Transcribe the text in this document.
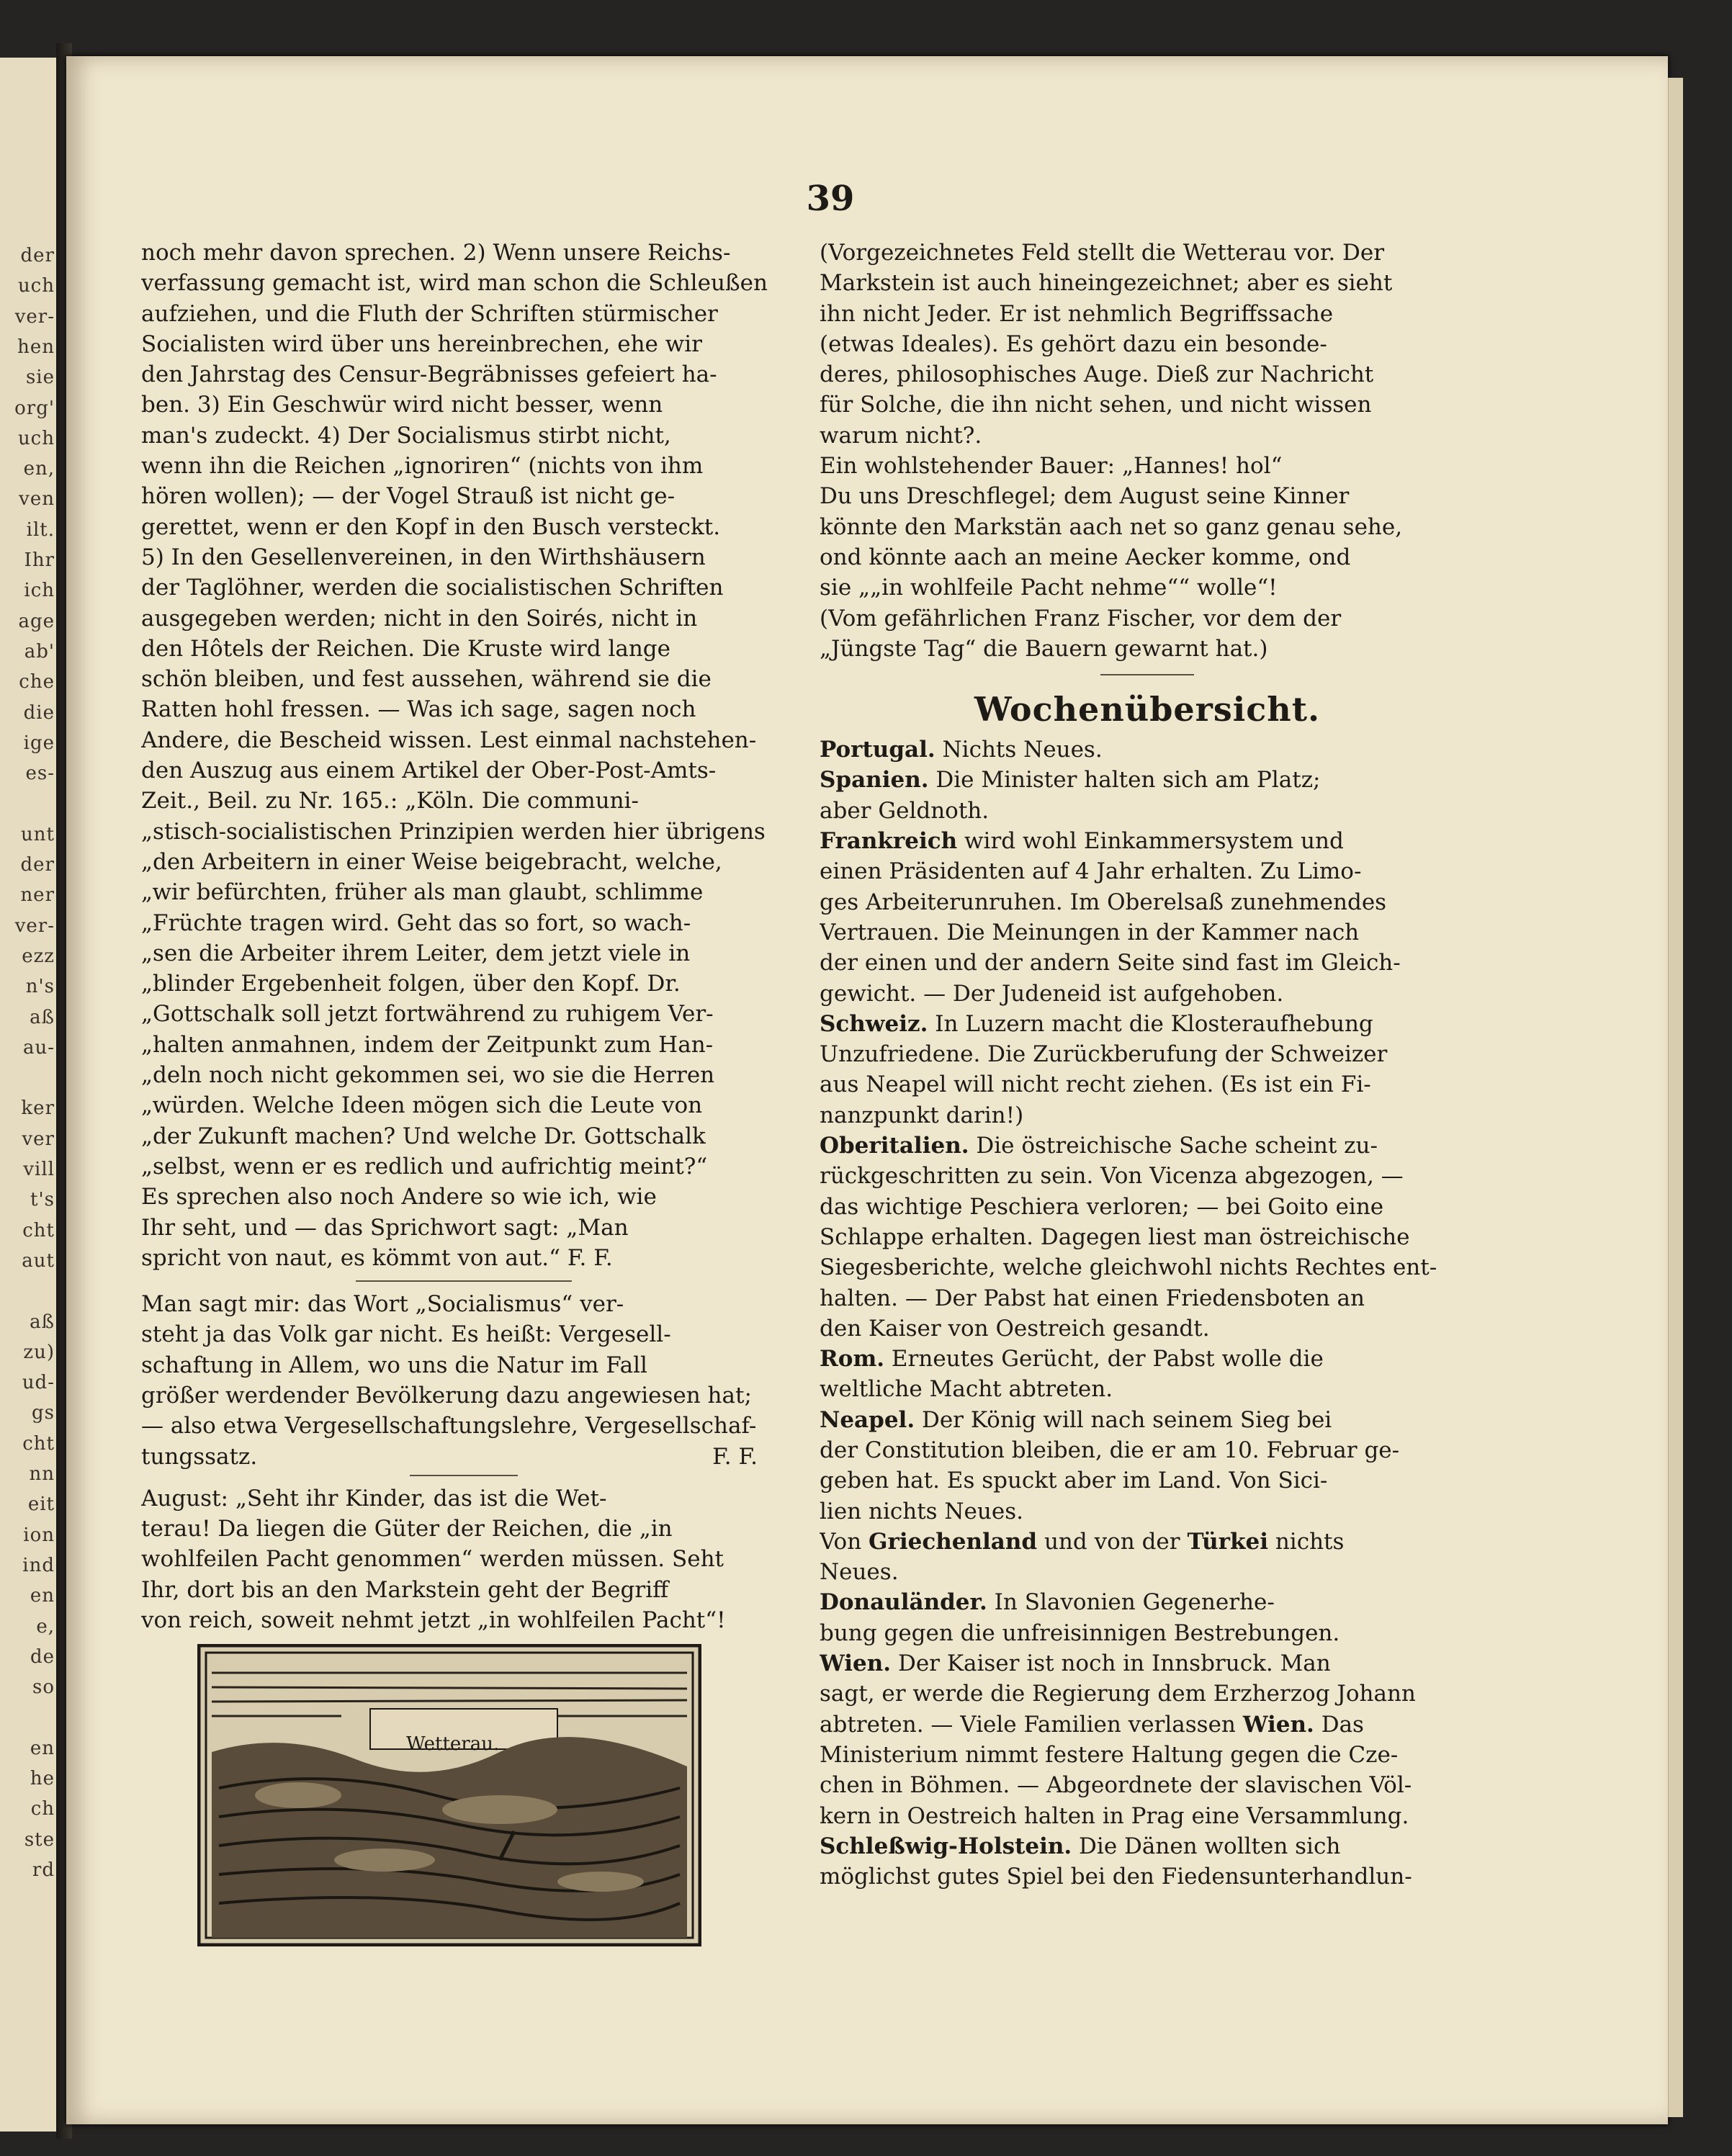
der
uch
ver-
hen
sie
org'
uch
en,
ven
ilt.
Ihr
ich
age
ab'
che
die
ige
es-
unt
der
ner
ver-
ezz
n's
aß
au-
ker
ver
vill
t's
cht
aut
aß
zu)
ud-
gs
cht
nn
eit
ion
ind
en
e,
de
so
en
he
ch
ste
rd
39
noch mehr davon sprechen. 2) Wenn unsere Reichs-
verfassung gemacht ist, wird man schon die Schleußen
aufziehen, und die Fluth der Schriften stürmischer
Socialisten wird über uns hereinbrechen, ehe wir
den Jahrstag des Censur-Begräbnisses gefeiert ha-
ben. 3) Ein Geschwür wird nicht besser, wenn
man's zudeckt. 4) Der Socialismus stirbt nicht,
wenn ihn die Reichen „ignoriren“ (nichts von ihm
hören wollen); — der Vogel Strauß ist nicht ge-
gerettet, wenn er den Kopf in den Busch versteckt.
5) In den Gesellenvereinen, in den Wirthshäusern
der Taglöhner, werden die socialistischen Schriften
ausgegeben werden; nicht in den Soirés, nicht in
den Hôtels der Reichen. Die Kruste wird lange
schön bleiben, und fest aussehen, während sie die
Ratten hohl fressen. — Was ich sage, sagen noch
Andere, die Bescheid wissen. Lest einmal nachstehen-
den Auszug aus einem Artikel der Ober-Post-Amts-
Zeit., Beil. zu Nr. 165.: „Köln. Die communi-
„stisch-socialistischen Prinzipien werden hier übrigens
„den Arbeitern in einer Weise beigebracht, welche,
„wir befürchten, früher als man glaubt, schlimme
„Früchte tragen wird. Geht das so fort, so wach-
„sen die Arbeiter ihrem Leiter, dem jetzt viele in
„blinder Ergebenheit folgen, über den Kopf. Dr.
„Gottschalk soll jetzt fortwährend zu ruhigem Ver-
„halten anmahnen, indem der Zeitpunkt zum Han-
„deln noch nicht gekommen sei, wo sie die Herren
„würden. Welche Ideen mögen sich die Leute von
„der Zukunft machen? Und welche Dr. Gottschalk
„selbst, wenn er es redlich und aufrichtig meint?“
Es sprechen also noch Andere so wie ich, wie
Ihr seht, und — das Sprichwort sagt: „Man
spricht von naut, es kömmt von aut.“ F. F.
Man sagt mir: das Wort „Socialismus“ ver-
steht ja das Volk gar nicht. Es heißt: Vergesell-
schaftung in Allem, wo uns die Natur im Fall
größer werdender Bevölkerung dazu angewiesen hat;
— also etwa Vergesellschaftungslehre, Vergesellschaf-
tungssatz.	F. F.
August: „Seht ihr Kinder, das ist die Wet-
terau! Da liegen die Güter der Reichen, die „in
wohlfeilen Pacht genommen“ werden müssen. Seht
Ihr, dort bis an den Markstein geht der Begriff
von reich, soweit nehmt jetzt „in wohlfeilen Pacht“!
Wetterau.
(Vorgezeichnetes Feld stellt die Wetterau vor. Der
Markstein ist auch hineingezeichnet; aber es sieht
ihn nicht Jeder. Er ist nehmlich Begriffssache
(etwas Ideales). Es gehört dazu ein besonde-
deres, philosophisches Auge. Dieß zur Nachricht
für Solche, die ihn nicht sehen, und nicht wissen
warum nicht?.
Ein wohlstehender Bauer: „Hannes! hol“
Du uns Dreschflegel; dem August seine Kinner
könnte den Markstän aach net so ganz genau sehe,
ond könnte aach an meine Aecker komme, ond
sie „„in wohlfeile Pacht nehme““ wolle“!
(Vom gefährlichen Franz Fischer, vor dem der
„Jüngste Tag“ die Bauern gewarnt hat.)
Wochenübersicht.
Portugal. Nichts Neues.
Spanien. Die Minister halten sich am Platz;
aber Geldnoth.
Frankreich wird wohl Einkammersystem und
einen Präsidenten auf 4 Jahr erhalten. Zu Limo-
ges Arbeiterunruhen. Im Oberelsaß zunehmendes
Vertrauen. Die Meinungen in der Kammer nach
der einen und der andern Seite sind fast im Gleich-
gewicht. — Der Judeneid ist aufgehoben.
Schweiz. In Luzern macht die Klosteraufhebung
Unzufriedene. Die Zurückberufung der Schweizer
aus Neapel will nicht recht ziehen. (Es ist ein Fi-
nanzpunkt darin!)
Oberitalien. Die östreichische Sache scheint zu-
rückgeschritten zu sein. Von Vicenza abgezogen, —
das wichtige Peschiera verloren; — bei Goito eine
Schlappe erhalten. Dagegen liest man östreichische
Siegesberichte, welche gleichwohl nichts Rechtes ent-
halten. — Der Pabst hat einen Friedensboten an
den Kaiser von Oestreich gesandt.
Rom. Erneutes Gerücht, der Pabst wolle die
weltliche Macht abtreten.
Neapel. Der König will nach seinem Sieg bei
der Constitution bleiben, die er am 10. Februar ge-
geben hat. Es spuckt aber im Land. Von Sici-
lien nichts Neues.
Von Griechenland und von der Türkei nichts
Neues.
Donauländer. In Slavonien Gegenerhe-
bung gegen die unfreisinnigen Bestrebungen.
Wien. Der Kaiser ist noch in Innsbruck. Man
sagt, er werde die Regierung dem Erzherzog Johann
abtreten. — Viele Familien verlassen Wien. Das
Ministerium nimmt festere Haltung gegen die Cze-
chen in Böhmen. — Abgeordnete der slavischen Völ-
kern in Oestreich halten in Prag eine Versammlung.
Schleßwig-Holstein. Die Dänen wollten sich
möglichst gutes Spiel bei den Fiedensunterhandlun-
